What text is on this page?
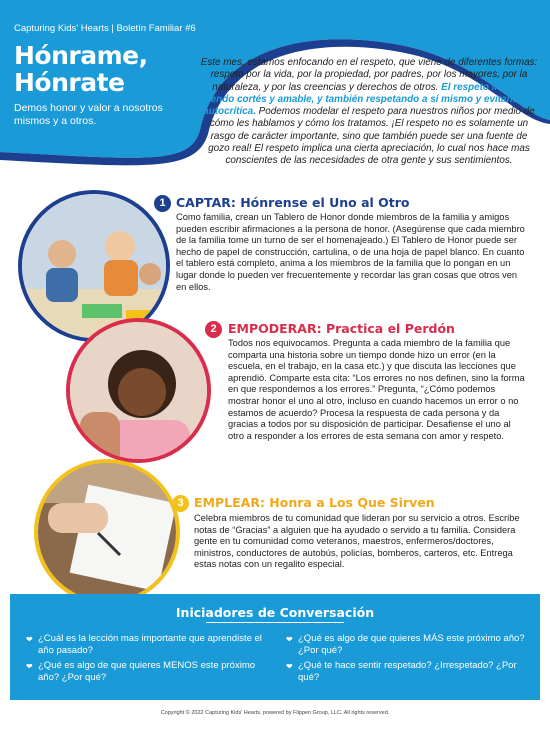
Capturing Kids' Hearts | Boletín Familiar #6
Hónrame,
Hónrate
Demos honor y valor a nosotros mismos y a otros.
Capturing
Kids' Hearts
Este mes, estamos enfocando en el respeto, que viene de diferentes formas: respeto por la vida, por la propiedad, por padres, por los mayores, por la naturaleza, y por las creencias y derechos de otros. El respeto incluye siendo cortés y amable, y también respetando a sí mismo y evitando la autocrítica. Podemos modelar el respeto para nuestros niños por medio de cómo les hablamos y cómo los tratamos. ¡El respeto no es solamente un rasgo de carácter importante, sino que también puede ser una fuente de gozo real! El respeto implica una cierta apreciación, lo cual nos hace mas conscientes de las necesidades de otra gente y sus sentimientos.
1 CAPTAR: Hónrense el Uno al Otro
Como familia, crean un Tablero de Honor donde miembros de la familia y amigos pueden escribir afirmaciones a la persona de honor. (Asegúrense que cada miembro de la familia tome un turno de ser el homenajeado.) El Tablero de Honor puede ser hecho de papel de construcción, cartulina, o de una hoja de papel blanco. En cuanto el tablero está completo, anima a los miembros de la familia que lo pongan en un lugar donde lo pueden ver frecuentemente y recordar las gran cosas que otros ven en ellos.
2 EMPODERAR: Practica el Perdón
Todos nos equivocamos. Pregunta a cada miembro de la familia que comparta una historia sobre un tiempo donde hizo un error (en la escuela, en el trabajo, en la casa etc.) y que discuta las lecciones que aprendió. Comparte esta cita: “Los errores no nos definen, sino la forma en que respondemos a los errores.” Pregunta, “¿Cómo podemos mostrar honor el uno al otro, incluso en cuando hacemos un error o no estamos de acuerdo? Procesa la respuesta de cada persona y da gracias a todos por su disposición de participar. Desafiense el uno al otro a responder a los errores de esta semana con amor y respeto.
3 EMPLEAR: Honra a Los Que Sirven
Celebra miembros de tu comunidad que lideran por su servicio a otros. Escribe notas de “Gracias” a alguien que ha ayudado o servido a tu familia. Considera gente en tu comunidad como veteranos, maestros, enfermeros/doctores, ministros, conductores de autobús, policías, bomberos, carteros, etc. Entrega estas notas con un regalito especial.
Iniciadores de Conversación
❤ ¿Cuál es la lección mas importante que aprendiste el año pasado?
❤ ¿Qué es algo de que quieres MENOS este próximo año? ¿Por qué?
❤ ¿Qué es algo de que quieres MÁS este próximo año? ¿Por qué?
❤ ¿Qué te hace sentir respetado? ¿Irrespetado? ¿Por qué?
Copyright © 2022 Capturing Kids' Hearts, powered by Flippen Group, LLC. All rights reserved.
